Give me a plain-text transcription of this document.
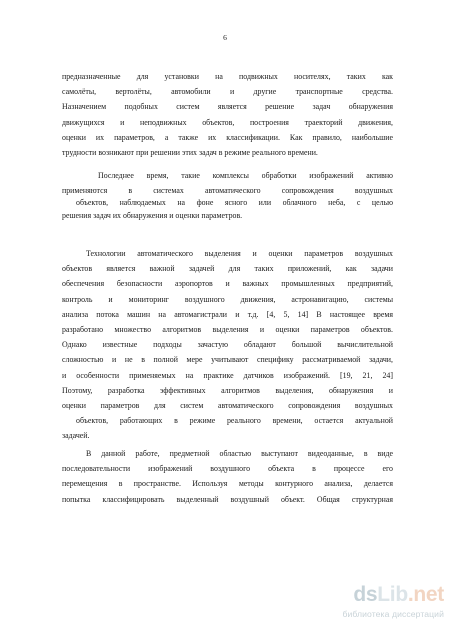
6
предназначенные для установки на подвижных носителях, таких как
самолёты, вертолёты, автомобили и другие транспортные средства.
Назначением подобных систем является решение задач обнаружения
движущихся и неподвижных объектов, построения траекторий движения,
оценки их параметров, а также их классификации. Как правило, наибольшие
трудности возникают при решении этих задач в режиме реального времени.
Последнее время, такие комплексы обработки изображений активно
применяются в системах автоматического сопровождения воздушных
объектов, наблюдаемых на фоне ясного или облачного неба, с целью
решения задач их обнаружения и оценки параметров.
Технологии автоматического выделения и оценки параметров воздушных
объектов является важной задачей для таких приложений, как задачи
обеспечения безопасности аэропортов и важных промышленных предприятий,
контроль и мониторинг воздушного движения, астронавигацию, системы
анализа потока машин на автомагистрали и т.д. [4, 5, 14] В настоящее время
разработано множество алгоритмов выделения и оценки параметров объектов.
Однако известные подходы зачастую обладают большой вычислительной
сложностью и не в полной мере учитывают специфику рассматриваемой задачи,
и особенности применяемых на практике датчиков изображений. [19, 21, 24]
Поэтому, разработка эффективных алгоритмов выделения, обнаружения и
оценки параметров для систем автоматического сопровождения воздушных
объектов, работающих в режиме реального времени, остается актуальной
задачей.
В данной работе, предметной областью выступают видеоданные, в виде
последовательности изображений воздушного объекта в процессе его
перемещения в пространстве. Используя методы контурного анализа, делается
попытка классифицировать выделенный воздушный объект. Общая структурная
dsLib.net
библиотека диссертаций
